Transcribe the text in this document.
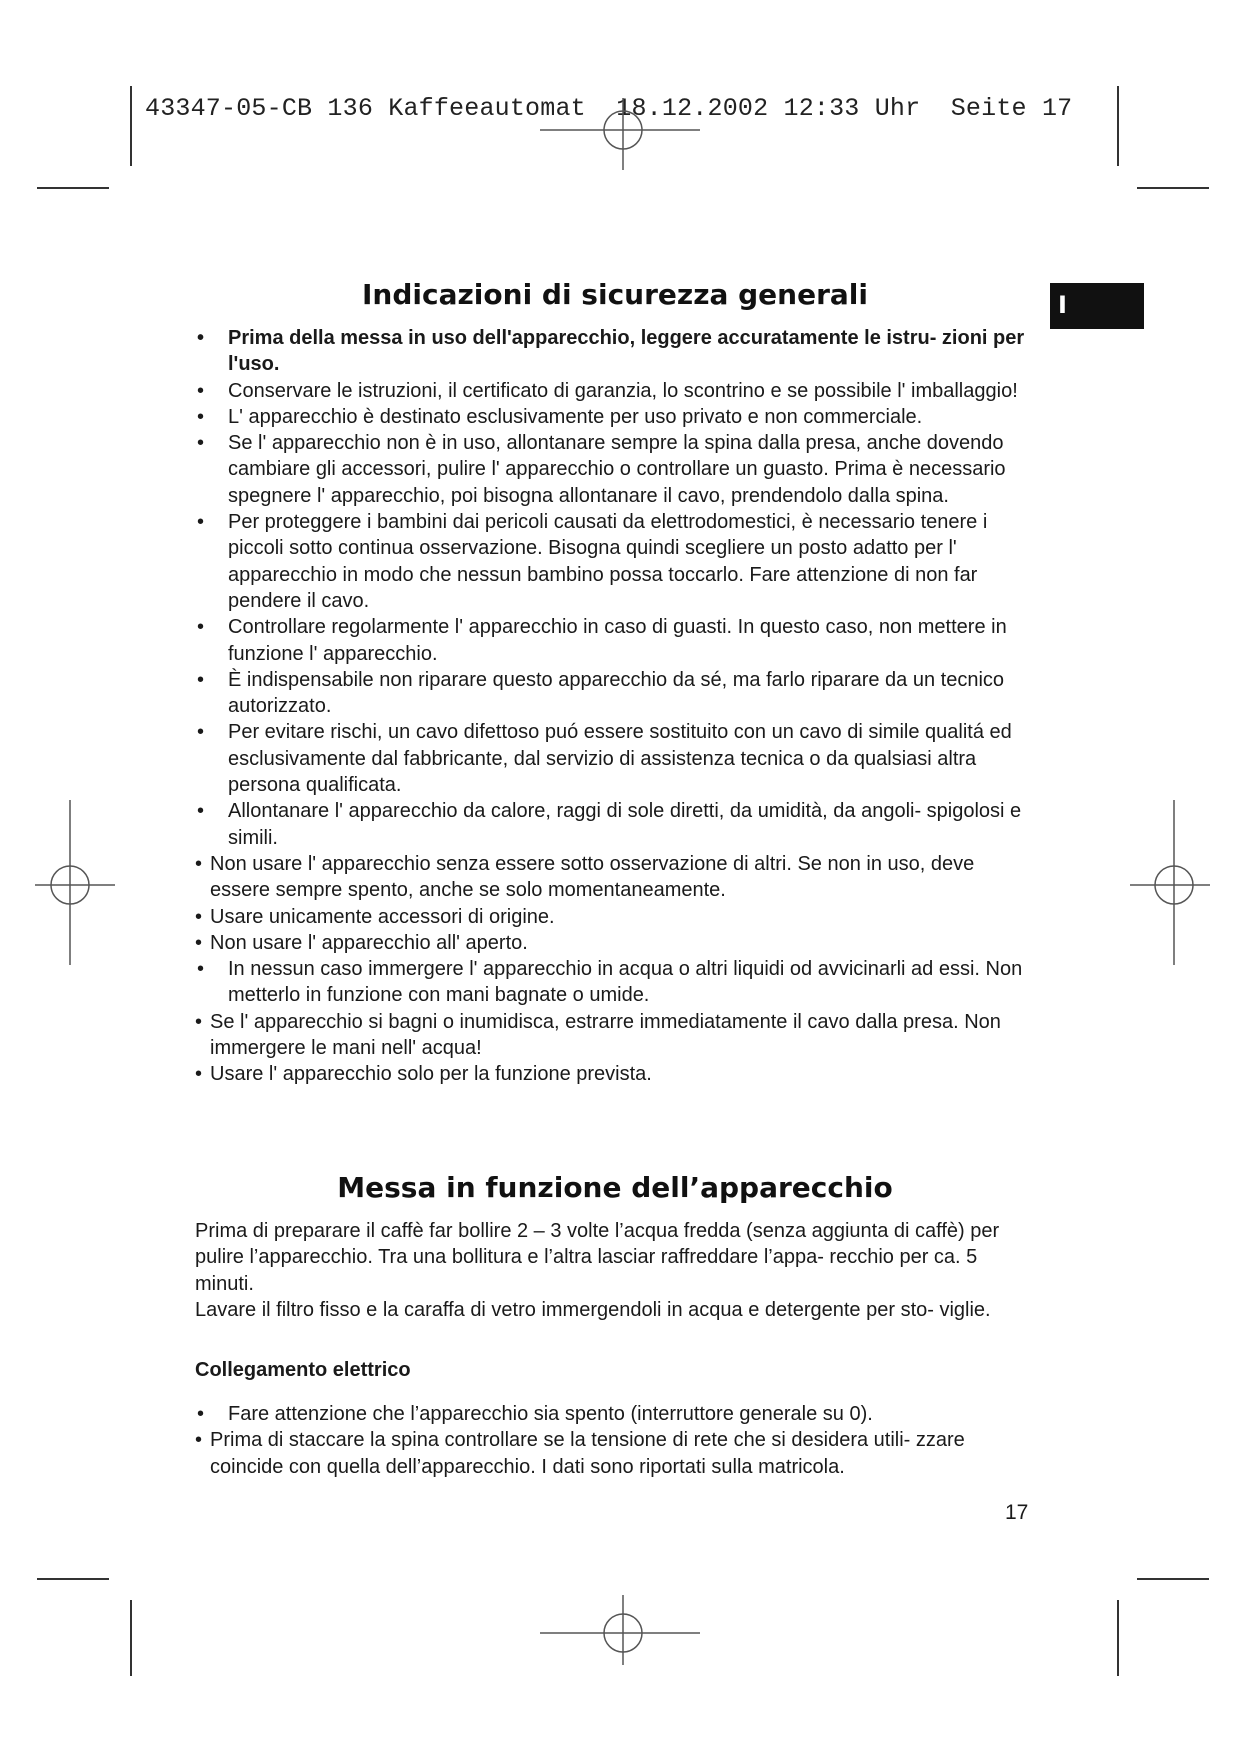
43347-05-CB 136 Kaffeeautomat  18.12.2002 12:33 Uhr  Seite 17
I
Indicazioni di sicurezza generali
• Prima della messa in uso dell'apparecchio, leggere accuratamente le istru- zioni per l'uso.
• Conservare le istruzioni, il certificato di garanzia, lo scontrino e se possibile l' imballaggio!
• L' apparecchio è destinato esclusivamente per uso privato e non commerciale.
• Se l' apparecchio non è in uso, allontanare sempre la spina dalla presa, anche dovendo cambiare gli accessori, pulire l' apparecchio o controllare un guasto. Prima è necessario spegnere l' apparecchio, poi bisogna allontanare il cavo, prendendolo dalla spina.
• Per proteggere i bambini dai pericoli causati da elettrodomestici, è necessario tenere i piccoli sotto continua osservazione. Bisogna quindi scegliere un posto adatto per l' apparecchio in modo che nessun bambino possa toccarlo. Fare attenzione di non far pendere il cavo.
• Controllare regolarmente l' apparecchio in caso di guasti. In questo caso, non mettere in funzione l' apparecchio.
• È indispensabile non riparare questo apparecchio da sé, ma farlo riparare da un tecnico autorizzato.
• Per evitare rischi, un cavo difettoso puó essere sostituito con un cavo di simile qualitá ed esclusivamente dal fabbricante, dal servizio di assistenza tecnica o da qualsiasi altra persona qualificata.
• Allontanare l' apparecchio da calore, raggi di sole diretti, da umidità, da angoli- spigolosi e simili.
• Non usare l' apparecchio senza essere sotto osservazione di altri. Se non in uso, deve essere sempre spento, anche se solo momentaneamente.
• Usare unicamente accessori di origine.
• Non usare l' apparecchio all' aperto.
• In nessun caso immergere l' apparecchio in acqua o altri liquidi od avvicinarli ad essi. Non metterlo in funzione con mani bagnate o umide.
• Se l' apparecchio si bagni o inumidisca, estrarre immediatamente il cavo dalla presa. Non immergere le mani nell' acqua!
• Usare l' apparecchio solo per la funzione prevista.
Messa in funzione dell’apparecchio

Prima di preparare il caffè far bollire 2 – 3 volte l’acqua fredda (senza aggiunta di caffè) per pulire l’apparecchio. Tra una bollitura e l’altra lasciar raffreddare l’appa- recchio per ca. 5 minuti.

Lavare il filtro fisso e la caraffa di vetro immergendoli in acqua e detergente per sto- viglie.

Collegamento elettrico
• Fare attenzione che l’apparecchio sia spento (interruttore generale su 0).
• Prima di staccare la spina controllare se la tensione di rete che si desidera utili- zzare coincide con quella dell’apparecchio. I dati sono riportati sulla matricola.
17
